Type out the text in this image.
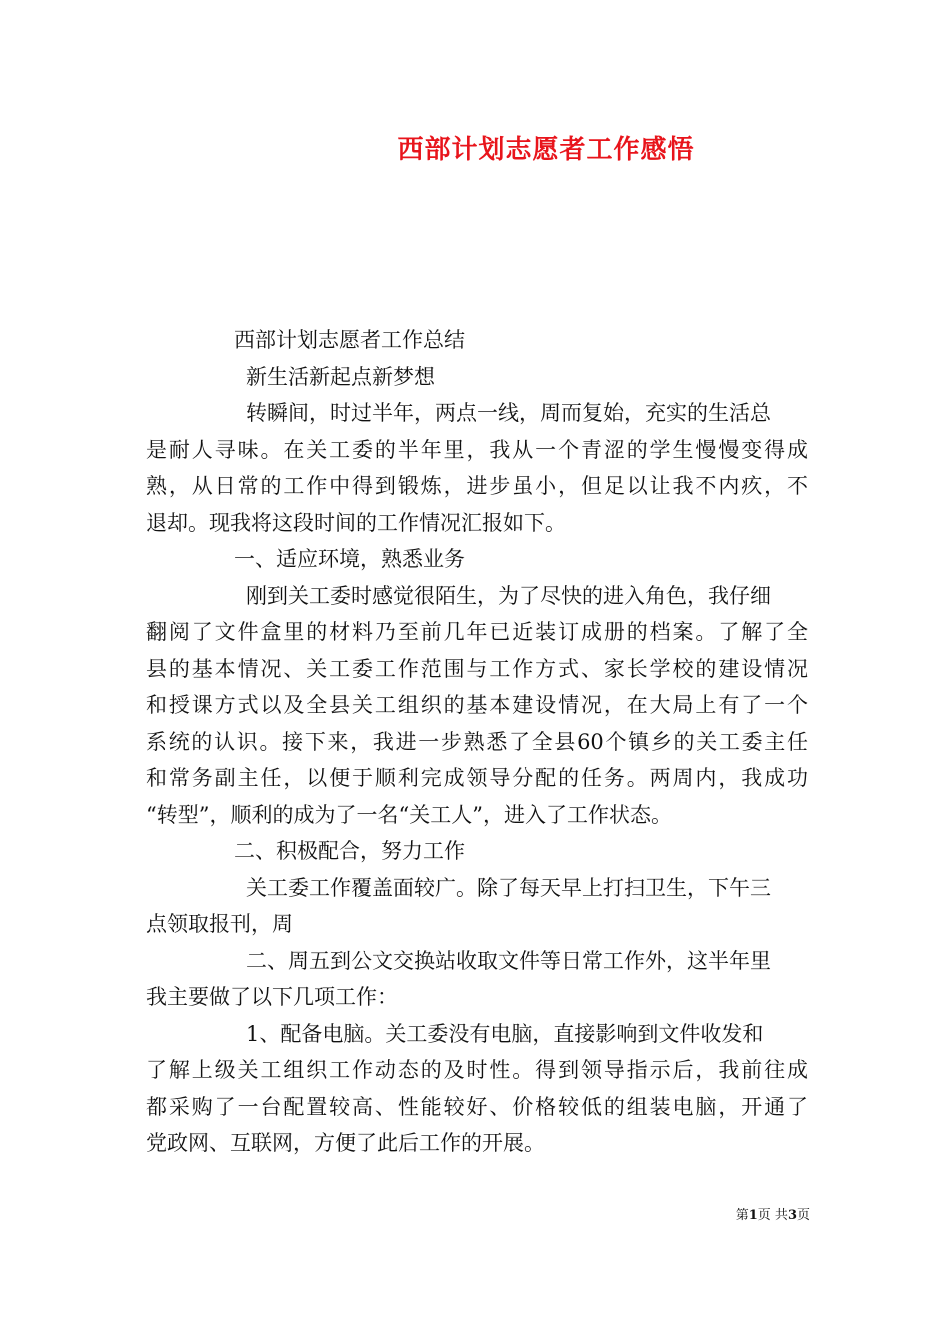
西部计划志愿者工作感悟

西部计划志愿者工作总结

新生活新起点新梦想

转瞬间，时过半年，两点一线，周而复始，充实的生活总

是耐人寻味。在关工委的半年里，我从一个青涩的学生慢慢变得成

熟，从日常的工作中得到锻炼，进步虽小，但足以让我不内疚，不

退却。现我将这段时间的工作情况汇报如下。

一、适应环境，熟悉业务

刚到关工委时感觉很陌生，为了尽快的进入角色，我仔细

翻阅了文件盒里的材料乃至前几年已近装订成册的档案。了解了全

县的基本情况、关工委工作范围与工作方式、家长学校的建设情况

和授课方式以及全县关工组织的基本建设情况，在大局上有了一个

系统的认识。接下来，我进一步熟悉了全县60个镇乡的关工委主任

和常务副主任，以便于顺利完成领导分配的任务。两周内，我成功

“转型”，顺利的成为了一名“关工人”，进入了工作状态。

二、积极配合，努力工作

关工委工作覆盖面较广。除了每天早上打扫卫生，下午三

点领取报刊，周

二、周五到公文交换站收取文件等日常工作外，这半年里

我主要做了以下几项工作：

1、配备电脑。关工委没有电脑，直接影响到文件收发和

了解上级关工组织工作动态的及时性。得到领导指示后，我前往成

都采购了一台配置较高、性能较好、价格较低的组装电脑，开通了

党政网、互联网，方便了此后工作的开展。

第1页 共3页
